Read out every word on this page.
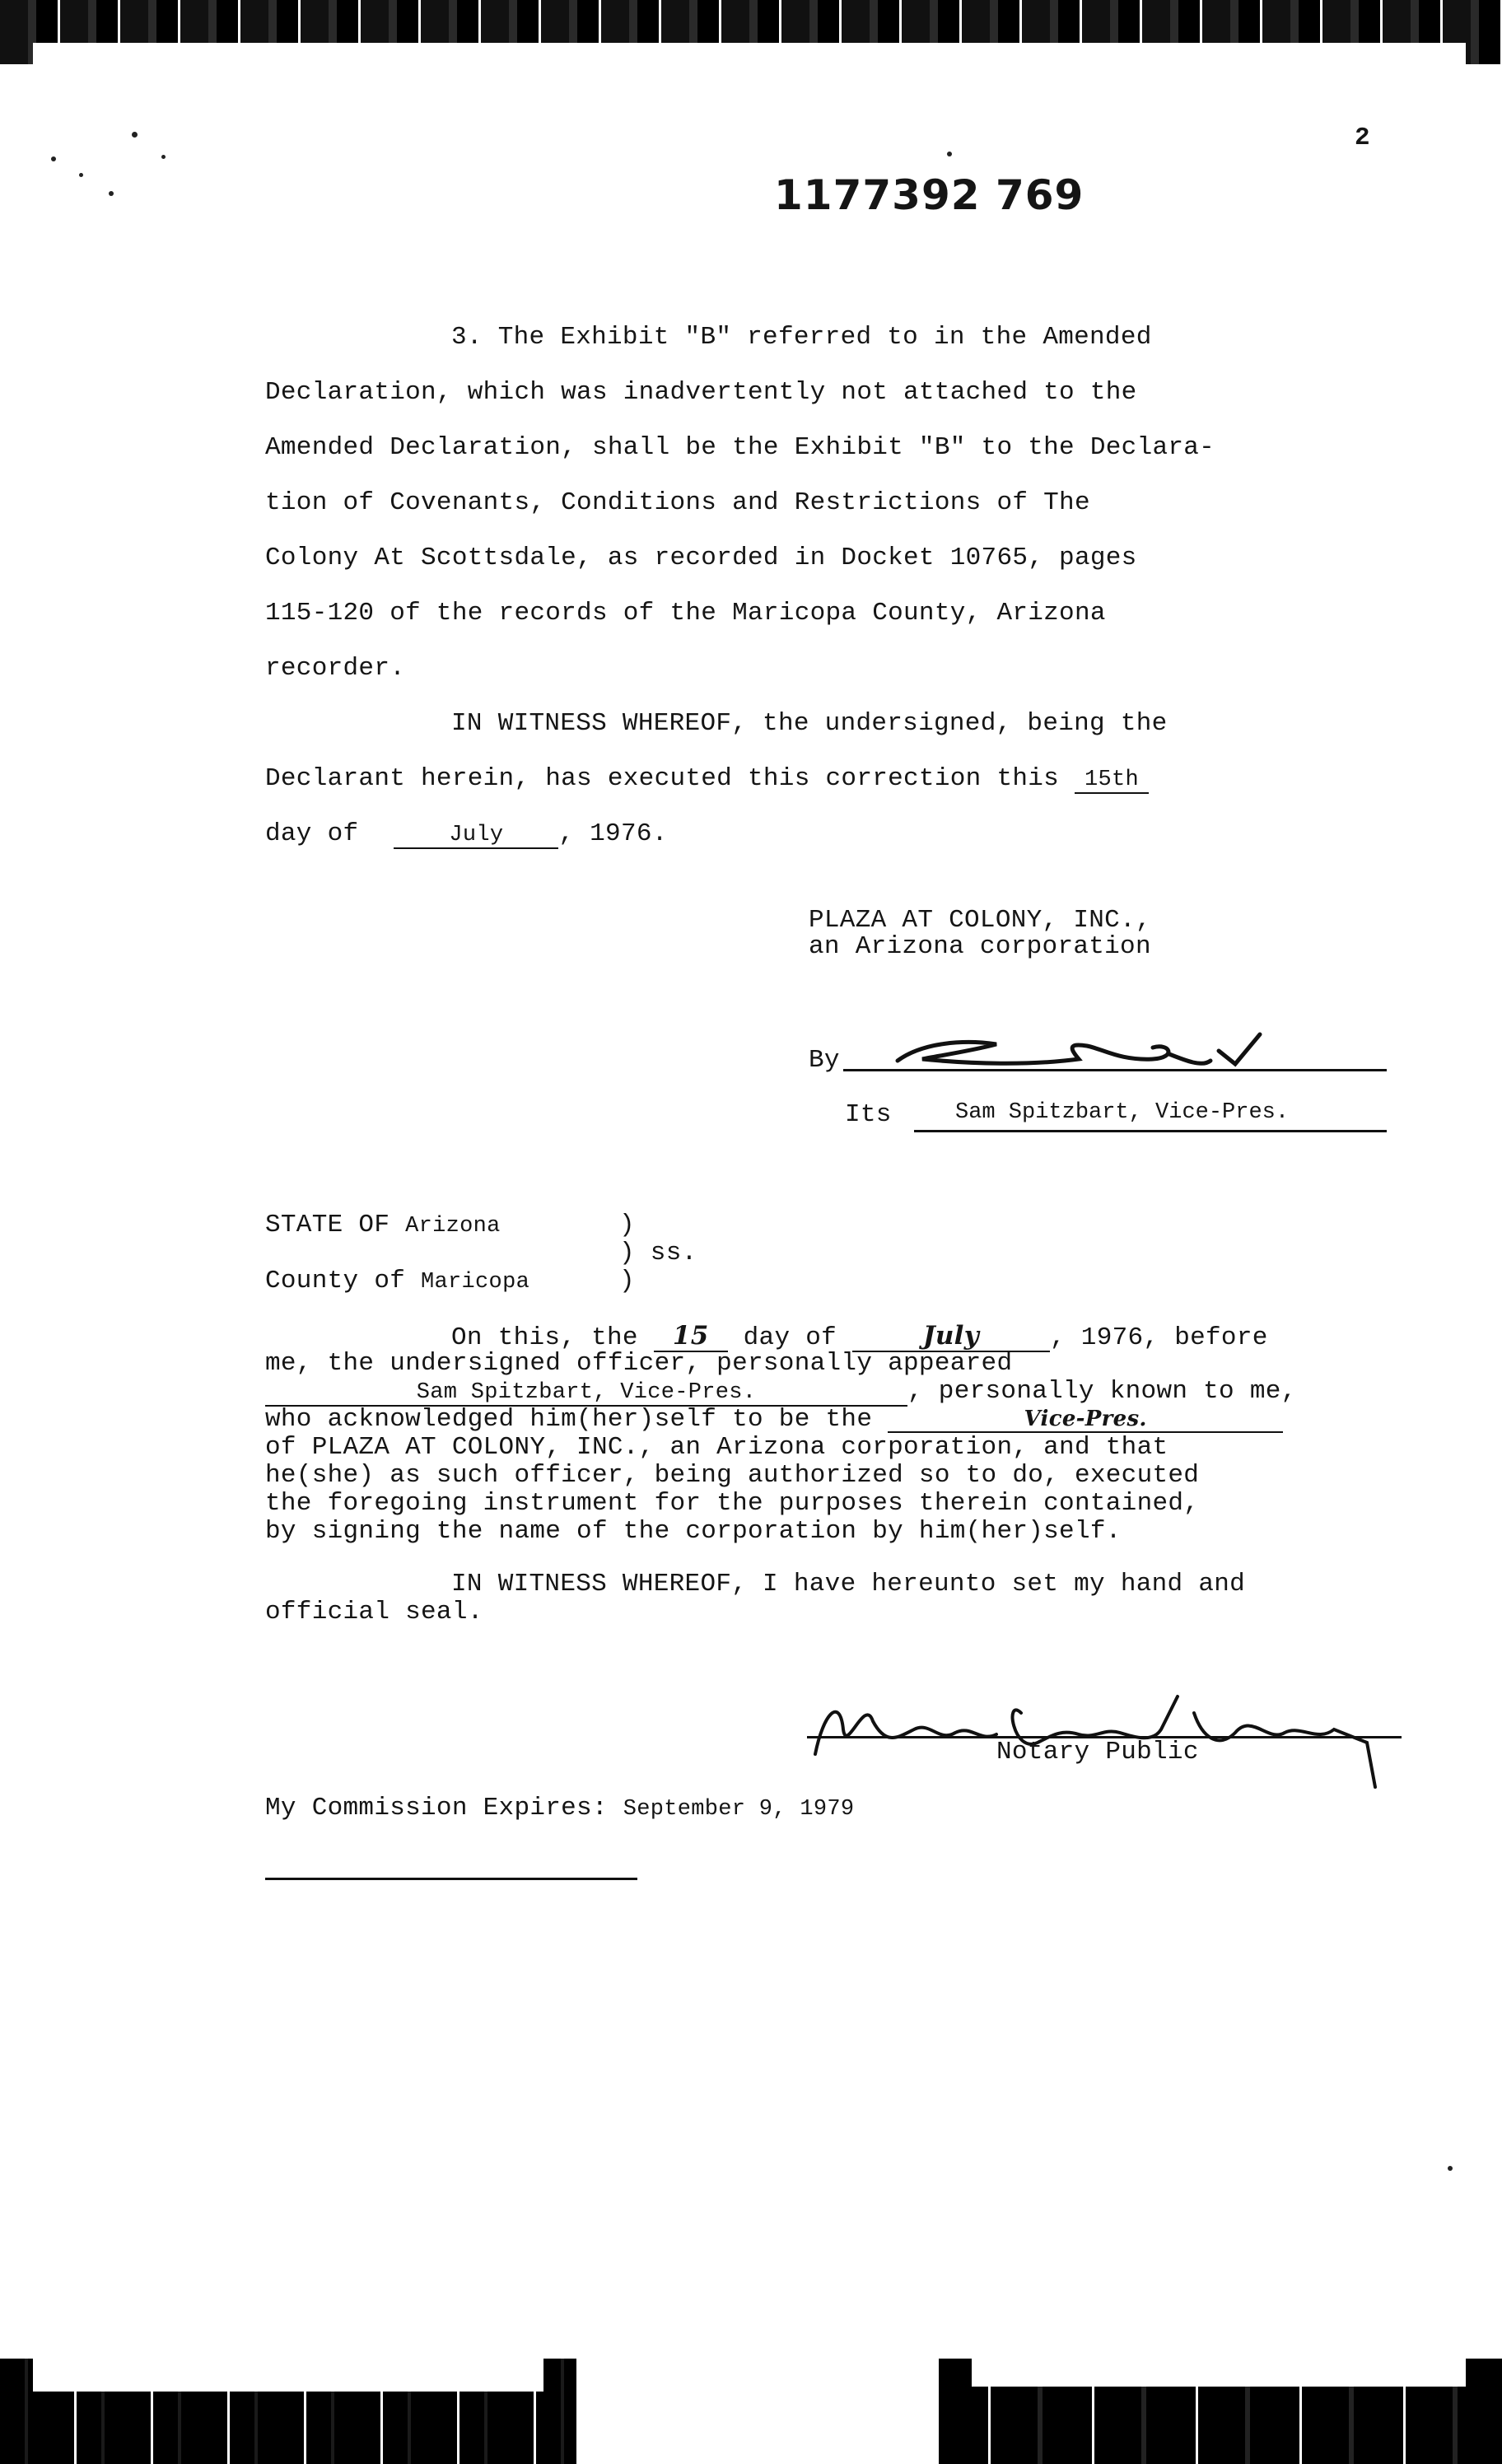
2
1177392 769
3. The Exhibit "B" referred to in the Amended
Declaration, which was inadvertently not attached to the
Amended Declaration, shall be the Exhibit "B" to the Declara-
tion of Covenants, Conditions and Restrictions of The
Colony At Scottsdale, as recorded in Docket 10765, pages
115-120 of the records of the Maricopa County, Arizona
recorder.
IN WITNESS WHEREOF, the undersigned, being the
Declarant herein, has executed this correction this 15th
day of	July , 1976.
PLAZA AT COLONY, INC.,
an Arizona corporation
By
Its	Sam Spitzbart, Vice-Pres.
STATE OF Arizona	)
) ss.
County of Maricopa	)
On this, the 15 day of	July	, 1976, before
me, the undersigned officer, personally appeared
Sam Spitzbart, Vice-Pres.	, personally known to me,
who acknowledged him(her)self to be the	Vice-Pres.
of PLAZA AT COLONY, INC., an Arizona corporation, and that
he(she) as such officer, being authorized so to do, executed
the foregoing instrument for the purposes therein contained,
by signing the name of the corporation by him(her)self.
IN WITNESS WHEREOF, I have hereunto set my hand and
official seal.
Notary Public
My Commission Expires: September 9, 1979
